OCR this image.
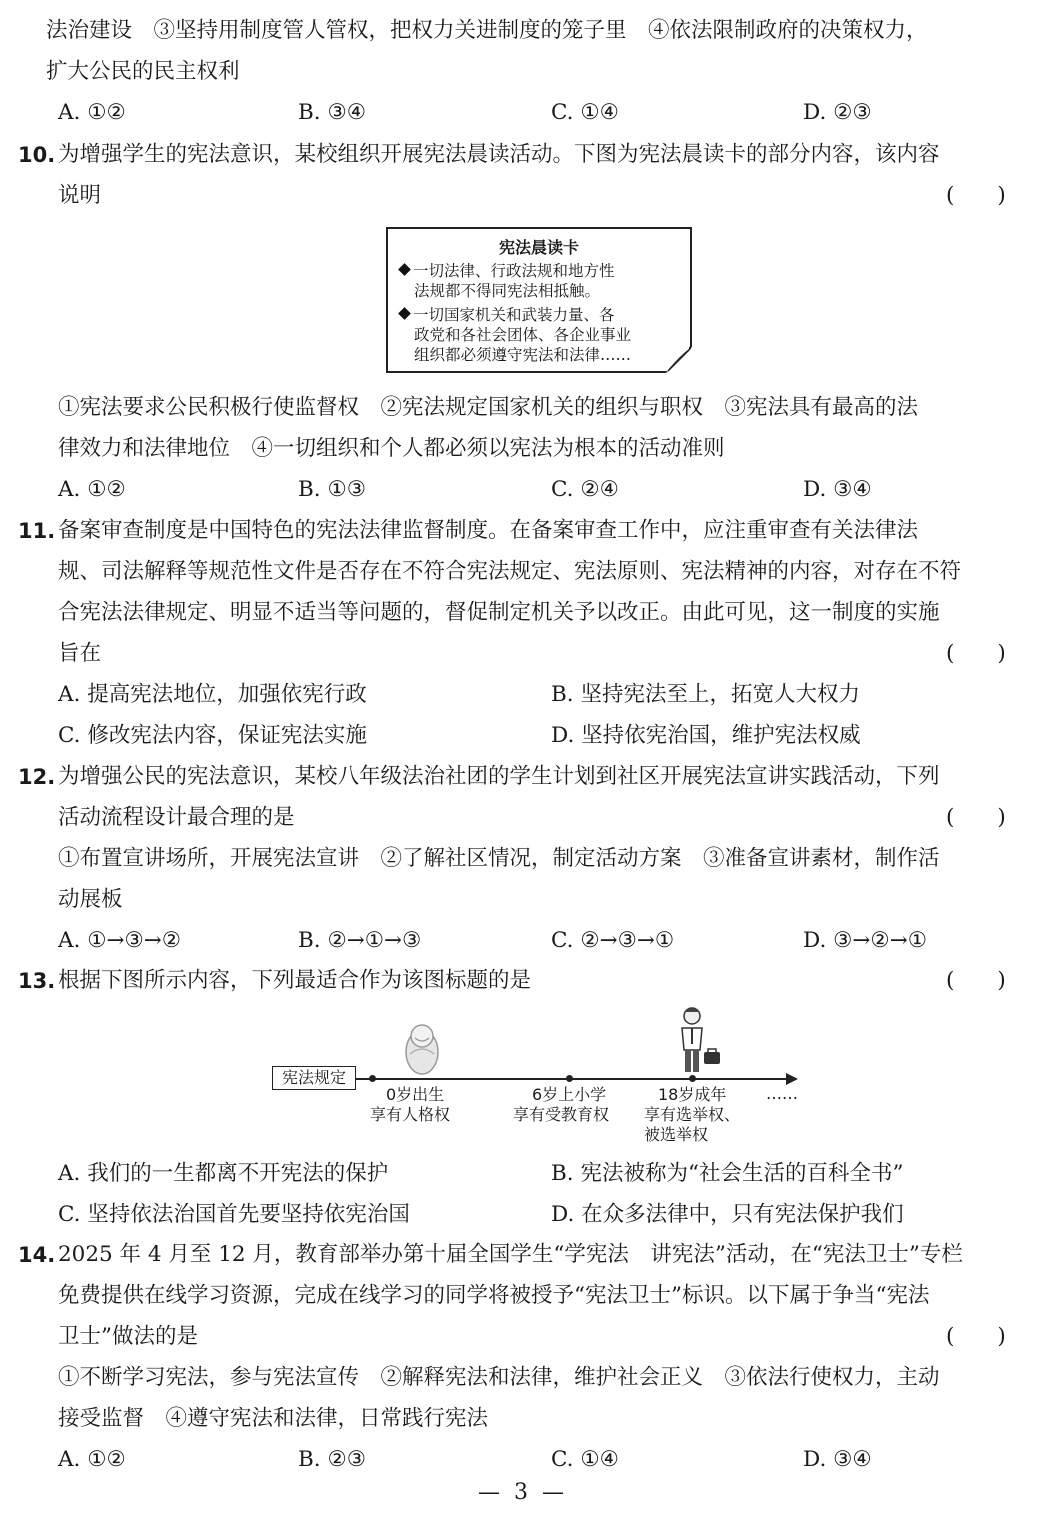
法治建设　③坚持用制度管人管权，把权力关进制度的笼子里　④依法限制政府的决策权力，
扩大公民的民主权利
A. ①②	B. ③④	C. ①④	D. ②③
10. 为增强学生的宪法意识，某校组织开展宪法晨读活动。下图为宪法晨读卡的部分内容，该内容
说明	(　　)
宪法晨读卡
一切法律、行政法规和地方性
法规都不得同宪法相抵触。
一切国家机关和武装力量、各
政党和各社会团体、各企业事业
组织都必须遵守宪法和法律……
①宪法要求公民积极行使监督权　②宪法规定国家机关的组织与职权　③宪法具有最高的法
律效力和法律地位　④一切组织和个人都必须以宪法为根本的活动准则
A. ①②	B. ①③	C. ②④	D. ③④
11. 备案审查制度是中国特色的宪法法律监督制度。在备案审查工作中，应注重审查有关法律法
规、司法解释等规范性文件是否存在不符合宪法规定、宪法原则、宪法精神的内容，对存在不符
合宪法法律规定、明显不适当等问题的，督促制定机关予以改正。由此可见，这一制度的实施
旨在	(　　)
A. 提高宪法地位，加强依宪行政	B. 坚持宪法至上，拓宽人大权力
C. 修改宪法内容，保证宪法实施	D. 坚持依宪治国，维护宪法权威
12. 为增强公民的宪法意识，某校八年级法治社团的学生计划到社区开展宪法宣讲实践活动，下列
活动流程设计最合理的是	(　　)
①布置宣讲场所，开展宪法宣讲　②了解社区情况，制定活动方案　③准备宣讲素材，制作活
动展板
A. ①→③→②	B. ②→①→③	C. ②→③→①	D. ③→②→①
13. 根据下图所示内容，下列最适合作为该图标题的是	(　　)
宪法规定
0岁出生
享有人格权
6岁上小学
享有受教育权
18岁成年
享有选举权、
被选举权
……
A. 我们的一生都离不开宪法的保护	B. 宪法被称为“社会生活的百科全书”
C. 坚持依法治国首先要坚持依宪治国	D. 在众多法律中，只有宪法保护我们
14. 2025 年 4 月至 12 月，教育部举办第十届全国学生“学宪法　讲宪法”活动，在“宪法卫士”专栏
免费提供在线学习资源，完成在线学习的同学将被授予“宪法卫士”标识。以下属于争当“宪法
卫士”做法的是	(　　)
①不断学习宪法，参与宪法宣传　②解释宪法和法律，维护社会正义　③依法行使权力，主动
接受监督　④遵守宪法和法律，日常践行宪法
A. ①②	B. ②③	C. ①④	D. ③④
—  3  —
